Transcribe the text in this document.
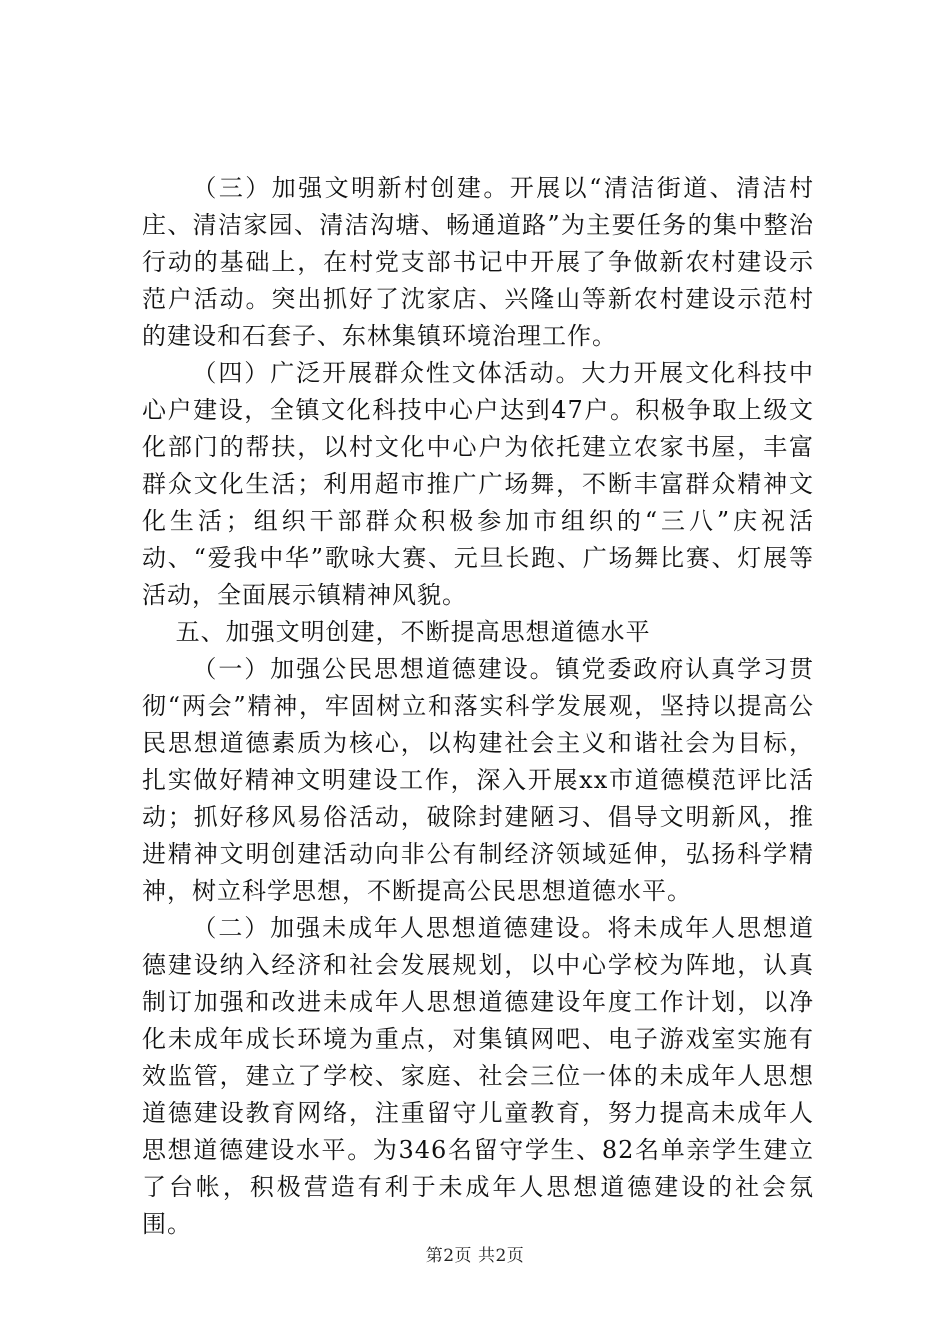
（三）加强文明新村创建。开展以“清洁街道、清洁村庄、清洁家园、清洁沟塘、畅通道路”为主要任务的集中整治行动的基础上，在村党支部书记中开展了争做新农村建设示范户活动。突出抓好了沈家店、兴隆山等新农村建设示范村的建设和石套子、东林集镇环境治理工作。

（四）广泛开展群众性文体活动。大力开展文化科技中心户建设，全镇文化科技中心户达到47户。积极争取上级文化部门的帮扶，以村文化中心户为依托建立农家书屋，丰富群众文化生活；利用超市推广广场舞，不断丰富群众精神文化生活；组织干部群众积极参加市组织的“三八”庆祝活动、“爱我中华”歌咏大赛、元旦长跑、广场舞比赛、灯展等活动，全面展示镇精神风貌。

五、加强文明创建，不断提高思想道德水平

（一）加强公民思想道德建设。镇党委政府认真学习贯彻“两会”精神，牢固树立和落实科学发展观，坚持以提高公民思想道德素质为核心，以构建社会主义和谐社会为目标，扎实做好精神文明建设工作，深入开展xx市道德模范评比活动；抓好移风易俗活动，破除封建陋习、倡导文明新风，推进精神文明创建活动向非公有制经济领域延伸，弘扬科学精神，树立科学思想，不断提高公民思想道德水平。

（二）加强未成年人思想道德建设。将未成年人思想道德建设纳入经济和社会发展规划，以中心学校为阵地，认真制订加强和改进未成年人思想道德建设年度工作计划，以净化未成年成长环境为重点，对集镇网吧、电子游戏室实施有效监管，建立了学校、家庭、社会三位一体的未成年人思想道德建设教育网络，注重留守儿童教育，努力提高未成年人思想道德建设水平。为346名留守学生、82名单亲学生建立了台帐，积极营造有利于未成年人思想道德建设的社会氛围。

第2页 共2页
